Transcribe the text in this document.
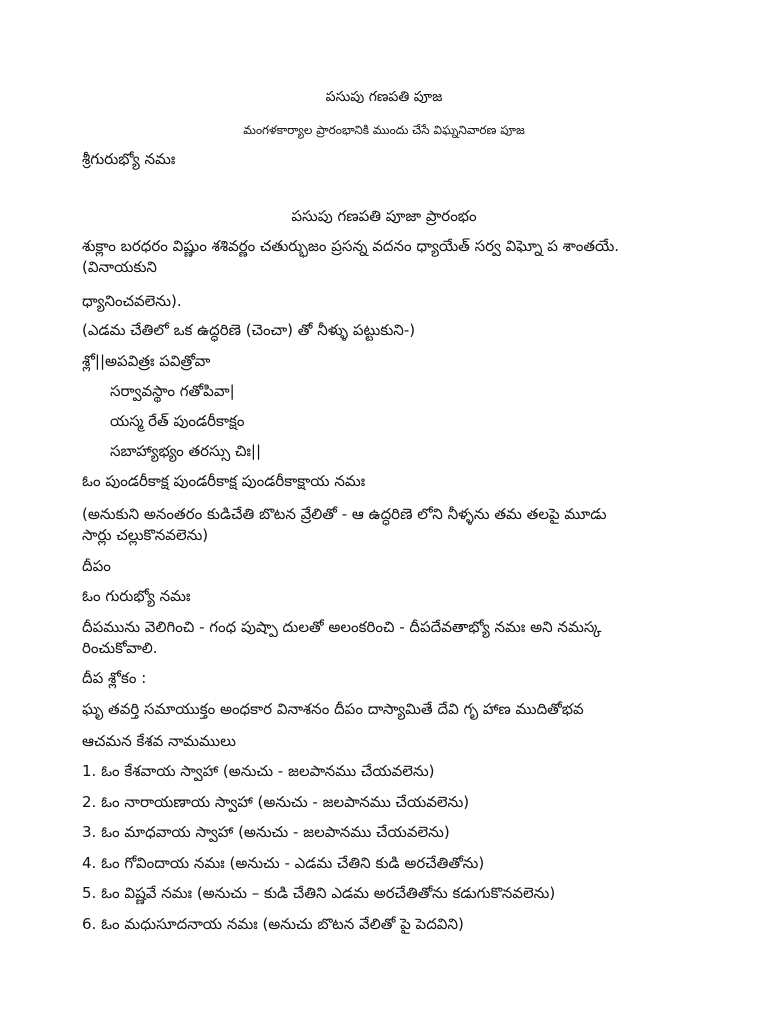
పసుపు గణపతి పూజ
మంగళకార్యాల ప్రారంభానికి ముందు చేసే విఘ్ననివారణ పూజ
శ్రీగురుభ్యో నమః
పసుపు గణపతి పూజా ప్రారంభం
శుక్లాం బరధరం విష్ణుం శశివర్ణం చతుర్భుజం ప్రసన్న వదనం ధ్యాయేత్ సర్వ విఘ్నో ప శాంతయే.
(వినాయకుని
ధ్యానించవలెను).
(ఎడమ చేతిలో ఒక ఉద్ధరిణె (చెంచా) తో నీళ్ళు పట్టుకుని-)
శ్లో||అపవిత్రః పవిత్రోవా
సర్వావస్థాం గతోపివా|
యస్మ రేత్ పుండరీకాక్షం
సబాహ్యాభ్యం తరస్సు చిః||
ఓం పుండరీకాక్ష పుండరీకాక్ష పుండరీకాక్షాయ నమః
(అనుకుని అనంతరం కుడిచేతి బొటన వ్రేలితో - ఆ ఉద్ధరిణె లోని నీళ్ళను తమ తలపై మూడు
సార్లు చల్లుకొనవలెను)
దీపం
ఓం గురుభ్యో నమః
దీపమును వెలిగించి - గంధ పుష్పా దులతో అలంకరించి - దీపదేవతాభ్యో నమః అని నమస్క
రించుకోవాలి.
దీప శ్లోకం :
ఘృ తవర్తి సమాయుక్తం అంధకార వినాశనం దీపం దాస్యామితే దేవి గృ హాణ ముదితోభవ
ఆచమన కేశవ నామములు
1. ఓం కేశవాయ స్వాహా (అనుచు - జలపానము చేయవలెను)
2. ఓం నారాయణాయ స్వాహా (అనుచు - జలపానము చేయవలెను)
3. ఓం మాధవాయ స్వాహా (అనుచు - జలపానము చేయవలెను)
4. ఓం గోవిందాయ నమః (అనుచు - ఎడమ చేతిని కుడి అరచేతితోను)
5. ఓం విష్ణవే నమః (అనుచు – కుడి చేతిని ఎడమ అరచేతితోను కడుగుకొనవలెను)
6. ఓం మధుసూదనాయ నమః (అనుచు బొటన వేలితో పై పెదవిని)
